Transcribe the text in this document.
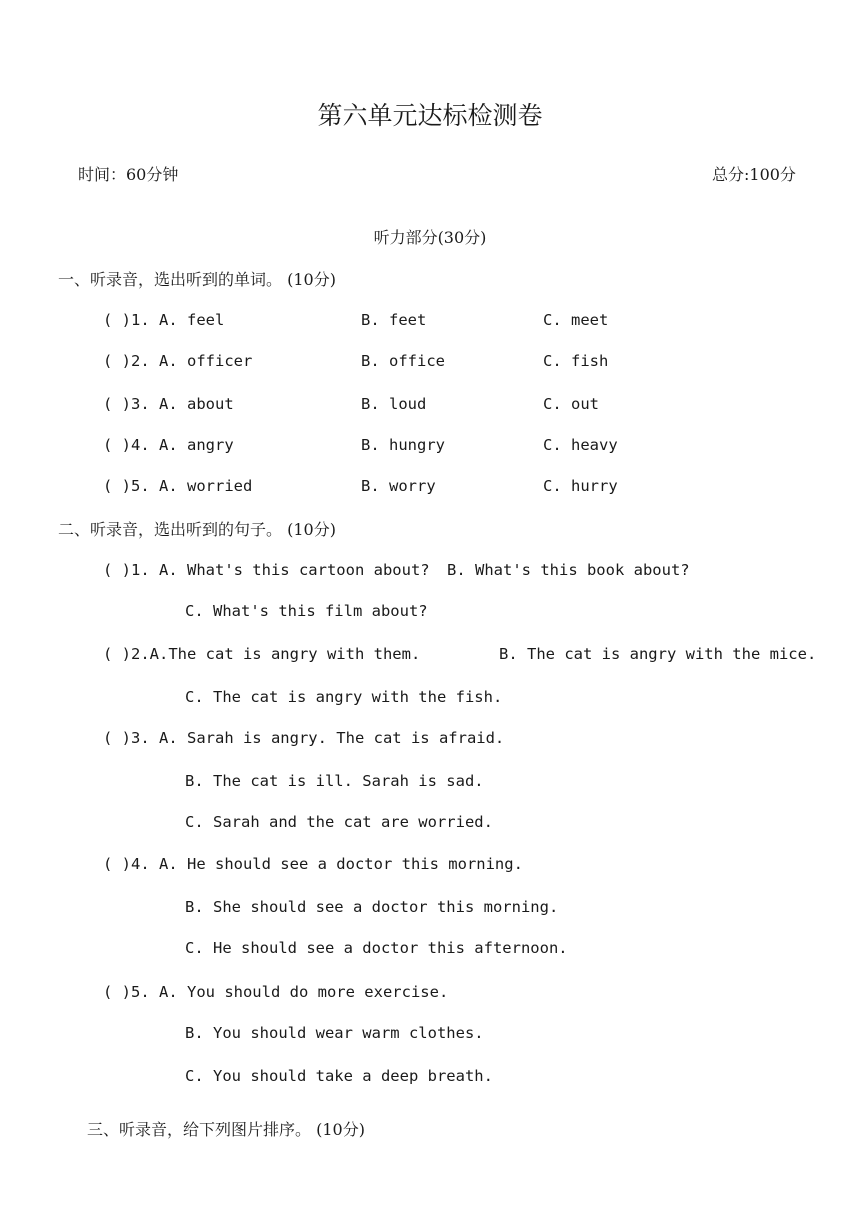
第六单元达标检测卷
时间：60分钟	总分:100分
听力部分(30分)
一、听录音，选出听到的单词。 (10分)
( )1. A. feel	B. feet	C. meet
( )2. A. officer	B. office	C. fish
( )3. A. about	B. loud	C. out
( )4. A. angry	B. hungry	C. heavy
( )5. A. worried	B. worry	C. hurry
二、听录音，选出听到的句子。 (10分)
( )1. A. What's this cartoon about? B. What's this book about?
C. What's this film about?
( )2.A.The cat is angry with them.	B. The cat is angry with the mice.
C. The cat is angry with the fish.
( )3. A. Sarah is angry. The cat is afraid.
B. The cat is ill. Sarah is sad.
C. Sarah and the cat are worried.
( )4. A. He should see a doctor this morning.
B. She should see a doctor this morning.
C. He should see a doctor this afternoon.
( )5. A. You should do more exercise.
B. You should wear warm clothes.
C. You should take a deep breath.
三、听录音，给下列图片排序。 (10分)
